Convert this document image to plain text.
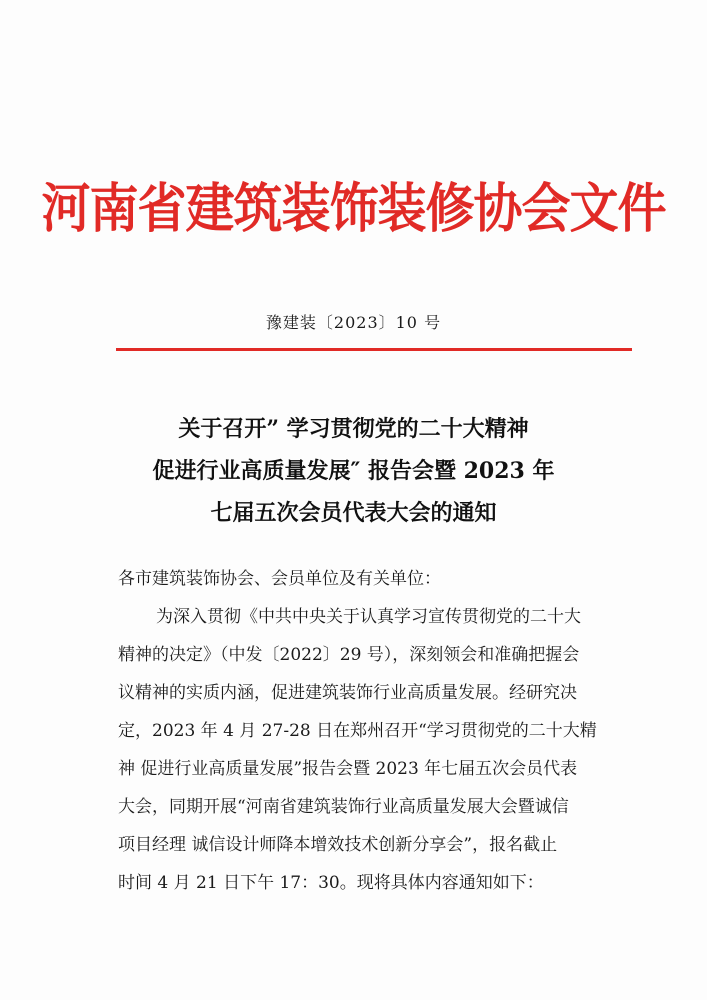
河南省建筑装饰装修协会文件
豫建装〔2023〕10 号
关于召开” 学习贯彻党的二十大精神
促进行业高质量发展″ 报告会暨 2023 年
七届五次会员代表大会的通知
各市建筑装饰协会、会员单位及有关单位：
为深入贯彻《中共中央关于认真学习宣传贯彻党的二十大
精神的决定》（中发〔2022〕29 号），深刻领会和准确把握会
议精神的实质内涵，促进建筑装饰行业高质量发展。经研究决
定，2023 年 4 月 27-28 日在郑州召开“学习贯彻党的二十大精
神 促进行业高质量发展”报告会暨 2023 年七届五次会员代表
大会，同期开展“河南省建筑装饰行业高质量发展大会暨诚信
项目经理 诚信设计师降本增效技术创新分享会”，报名截止
时间 4 月 21 日下午 17：30。现将具体内容通知如下：
